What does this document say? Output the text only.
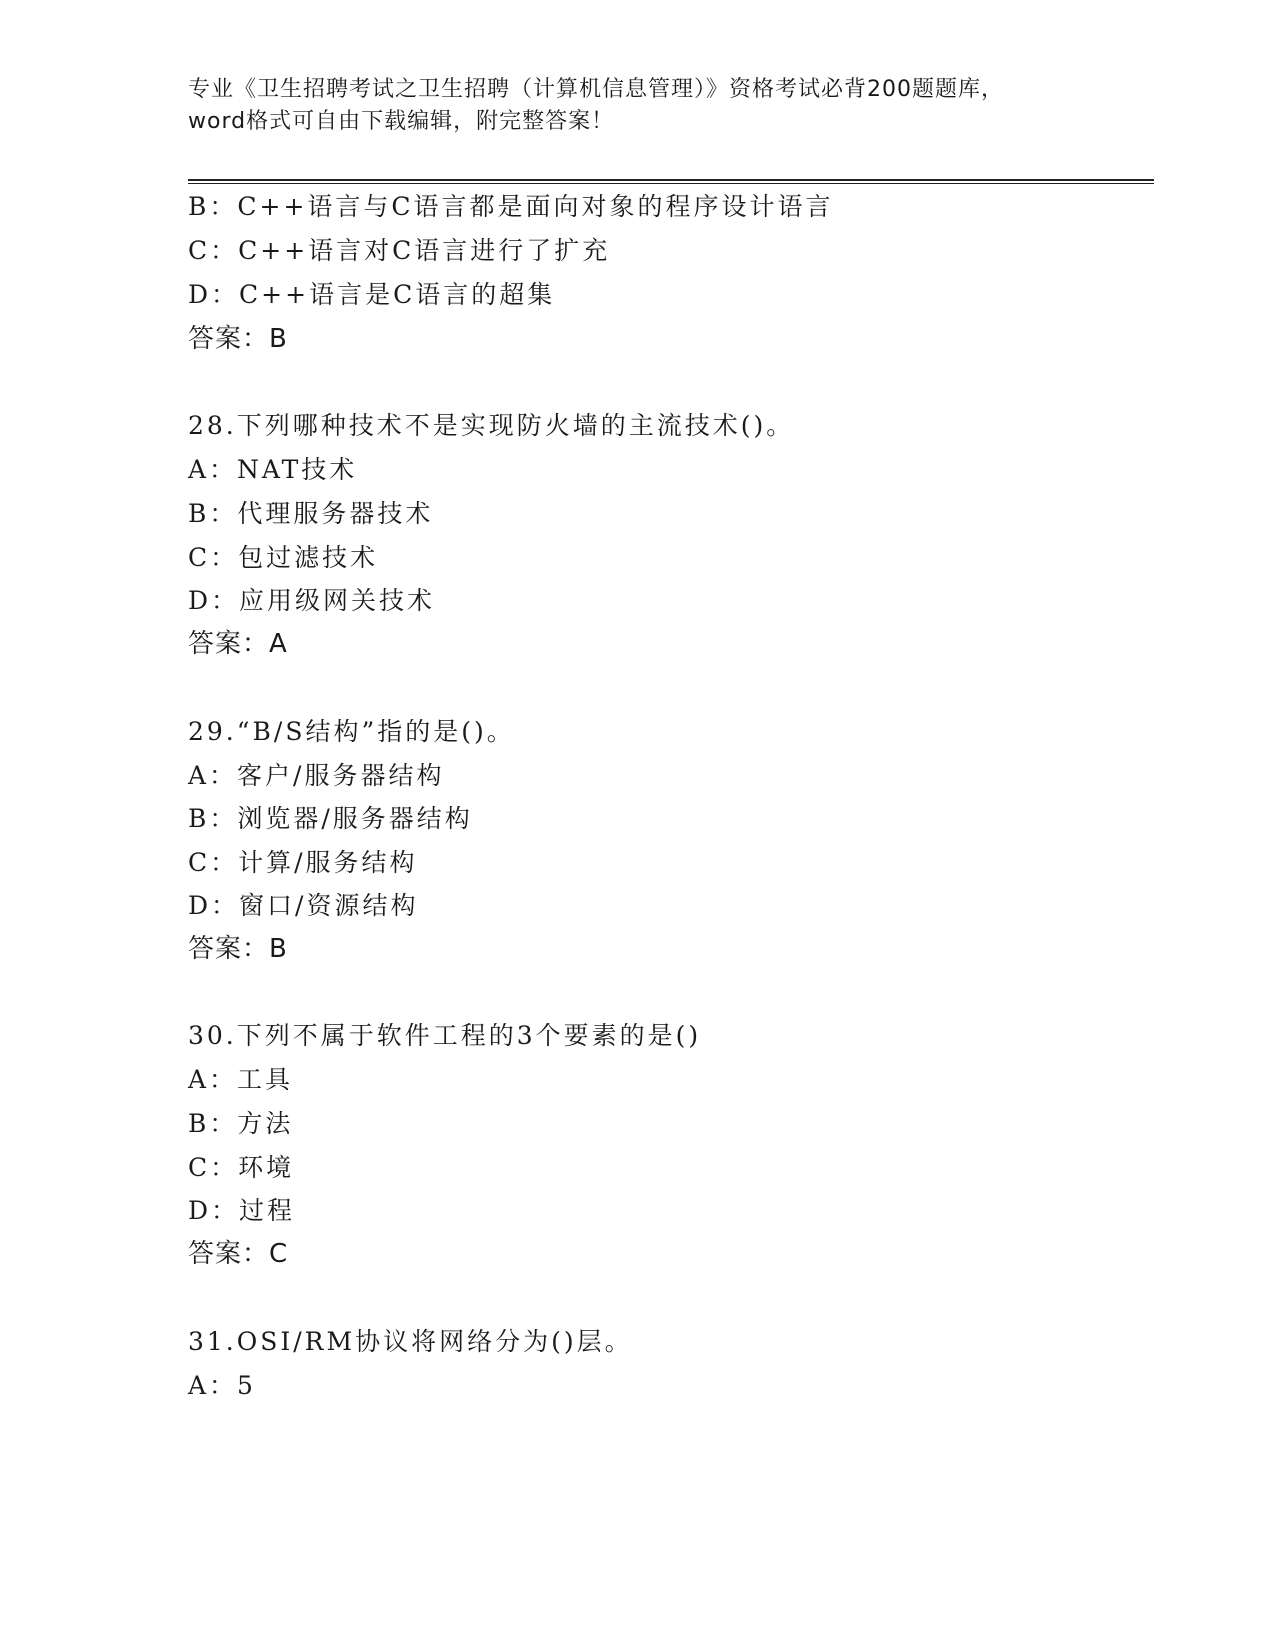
专业《卫生招聘考试之卫生招聘（计算机信息管理）》资格考试必背200题题库，
word格式可自由下载编辑，附完整答案！
B：C++语言与C语言都是面向对象的程序设计语言
C：C++语言对C语言进行了扩充
D：C++语言是C语言的超集
答案：B
28.下列哪种技术不是实现防火墙的主流技术()。
A：NAT技术
B：代理服务器技术
C：包过滤技术
D：应用级网关技术
答案：A
29.“B/S结构”指的是()。
A：客户/服务器结构
B：浏览器/服务器结构
C：计算/服务结构
D：窗口/资源结构
答案：B
30.下列不属于软件工程的3个要素的是()
A：工具
B：方法
C：环境
D：过程
答案：C
31.OSI/RM协议将网络分为()层。
A：5
